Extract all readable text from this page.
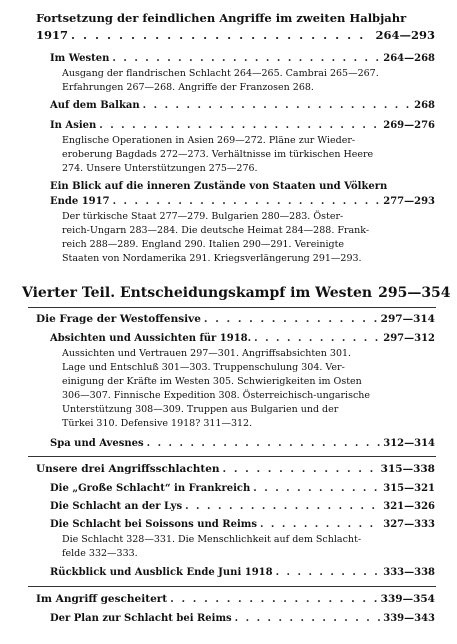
Fortsetzung der feindlichen Angriffe im zweiten Halbjahr
1917 . . .	264—293
Im Westen . . .	264—268
Ausgang der flandrischen Schlacht 264—265. Cambrai 265—267.
Erfahrungen 267—268. Angriffe der Franzosen 268.
Auf dem Balkan . . .	268
In Asien . . .	269—276
Englische Operationen in Asien 269—272. Pläne zur Wieder-
eroberung Bagdads 272—273. Verhältnisse im türkischen Heere
274. Unsere Unterstützungen 275—276.
Ein Blick auf die inneren Zustände von Staaten und Völkern
Ende 1917 . . .	277—293
Der türkische Staat 277—279. Bulgarien 280—283. Öster-
reich-Ungarn 283—284. Die deutsche Heimat 284—288. Frank-
reich 288—289. England 290. Italien 290—291. Vereinigte
Staaten von Nordamerika 291. Kriegsverlängerung 291—293.
Vierter Teil. Entscheidungskampf im Westen 295—354
Die Frage der Westoffensive . . .	297—314
Absichten und Aussichten für 1918. . . .	297—312
Aussichten und Vertrauen 297—301. Angriffsabsichten 301.
Lage und Entschluß 301—303. Truppenschulung 304. Ver-
einigung der Kräfte im Westen 305. Schwierigkeiten im Osten
306—307. Finnische Expedition 308. Österreichisch-ungarische
Unterstützung 308—309. Truppen aus Bulgarien und der
Türkei 310. Defensive 1918? 311—312.
Spa und Avesnes . . .	312—314
Unsere drei Angriffsschlachten . . .	315—338
Die „Große Schlacht“ in Frankreich . . .	315—321
Die Schlacht an der Lys . . .	321—326
Die Schlacht bei Soissons und Reims . . .	327—333
Die Schlacht 328—331. Die Menschlichkeit auf dem Schlacht-
felde 332—333.
Rückblick und Ausblick Ende Juni 1918 . . .	333—338
Im Angriff gescheitert . . .	339—354
Der Plan zur Schlacht bei Reims . . .	339—343
